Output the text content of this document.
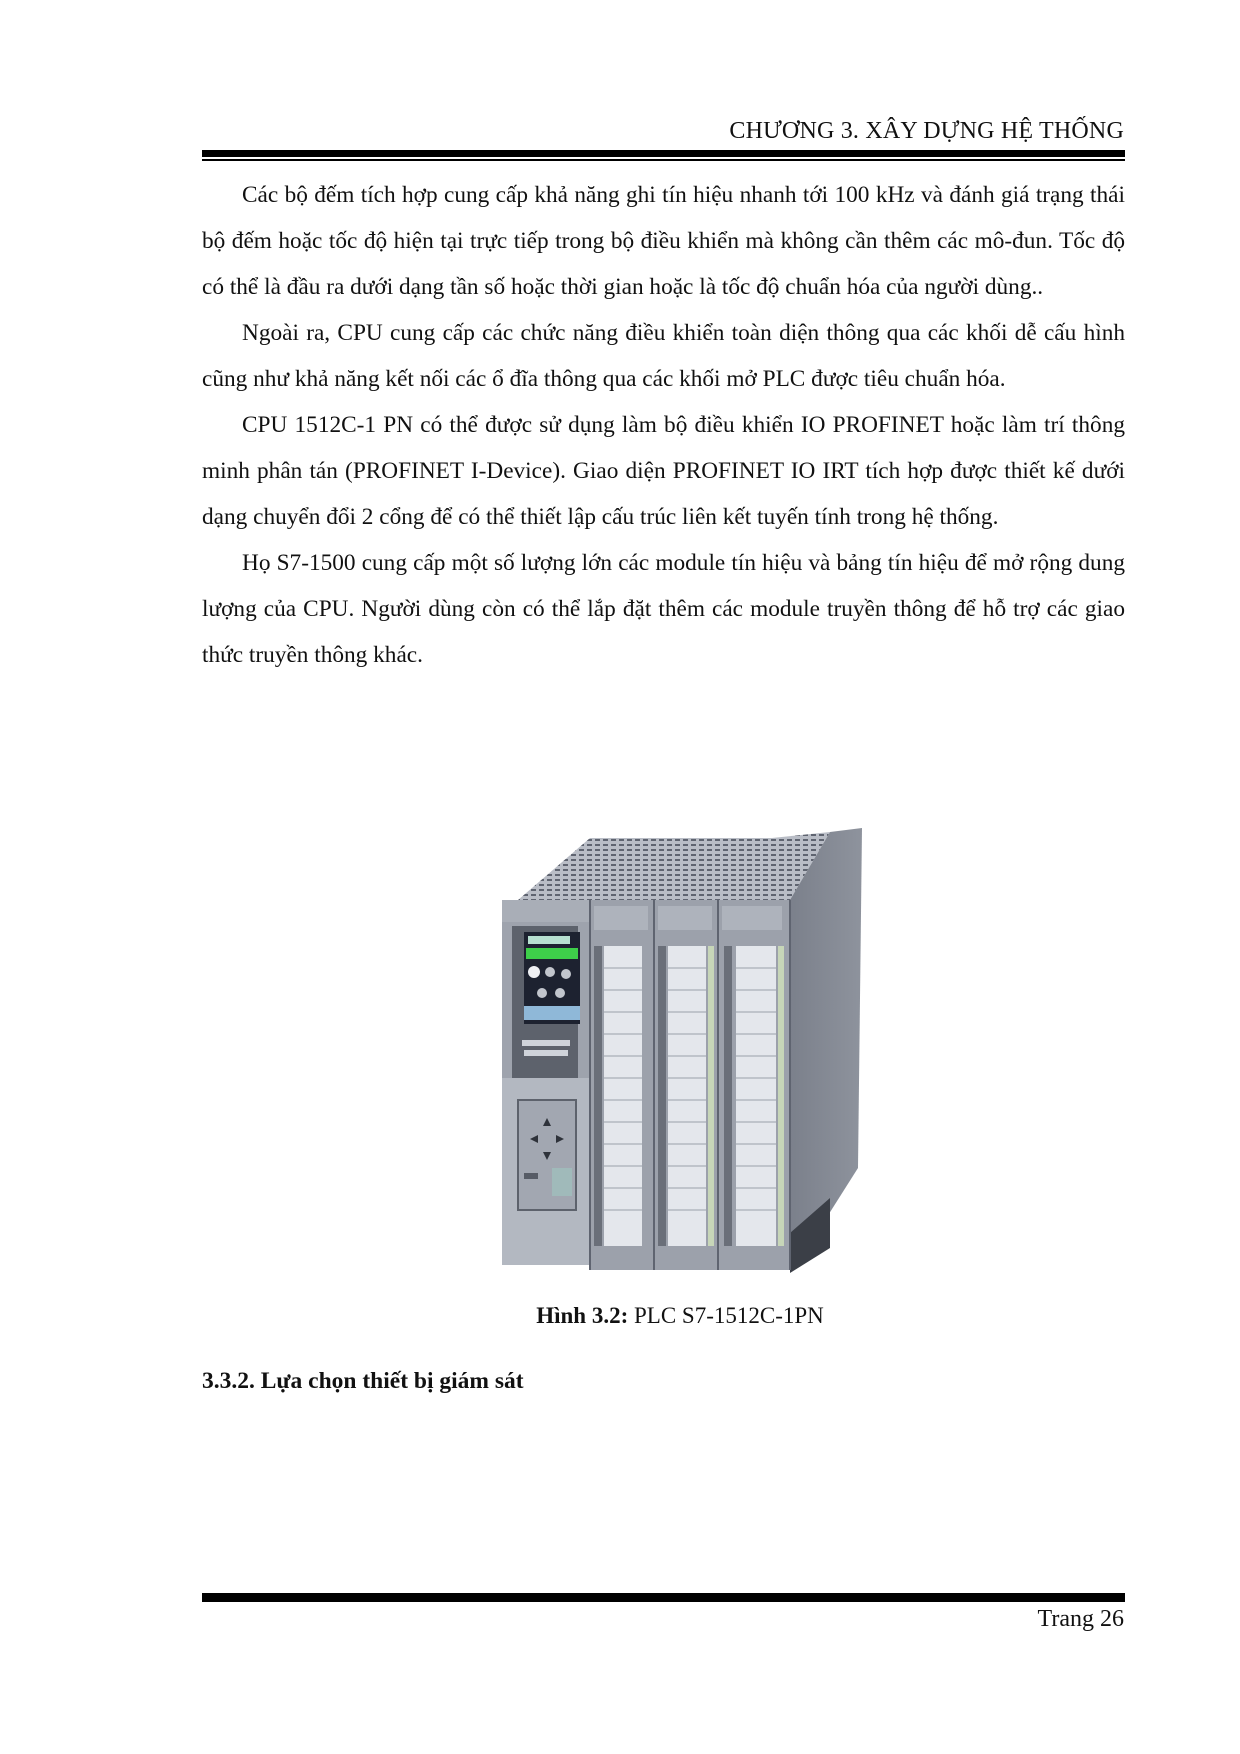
CHƯƠNG 3. XÂY DỰNG HỆ THỐNG

Các bộ đếm tích hợp cung cấp khả năng ghi tín hiệu nhanh tới 100 kHz và đánh giá trạng thái bộ đếm hoặc tốc độ hiện tại trực tiếp trong bộ điều khiển mà không cần thêm các mô-đun. Tốc độ có thể là đầu ra dưới dạng tần số hoặc thời gian hoặc là tốc độ chuẩn hóa của người dùng..

Ngoài ra, CPU cung cấp các chức năng điều khiển toàn diện thông qua các khối dễ cấu hình cũng như khả năng kết nối các ổ đĩa thông qua các khối mở PLC được tiêu chuẩn hóa.

CPU 1512C-1 PN có thể được sử dụng làm bộ điều khiển IO PROFINET hoặc làm trí thông minh phân tán (PROFINET I-Device). Giao diện PROFINET IO IRT tích hợp được thiết kế dưới dạng chuyển đổi 2 cổng để có thể thiết lập cấu trúc liên kết tuyến tính trong hệ thống.

Họ S7-1500 cung cấp một số lượng lớn các module tín hiệu và bảng tín hiệu để mở rộng dung lượng của CPU. Người dùng còn có thể lắp đặt thêm các module truyền thông để hỗ trợ các giao thức truyền thông khác.

Hình 3.2: PLC S7-1512C-1PN
3.3.2. Lựa chọn thiết bị giám sát
Trang 26
